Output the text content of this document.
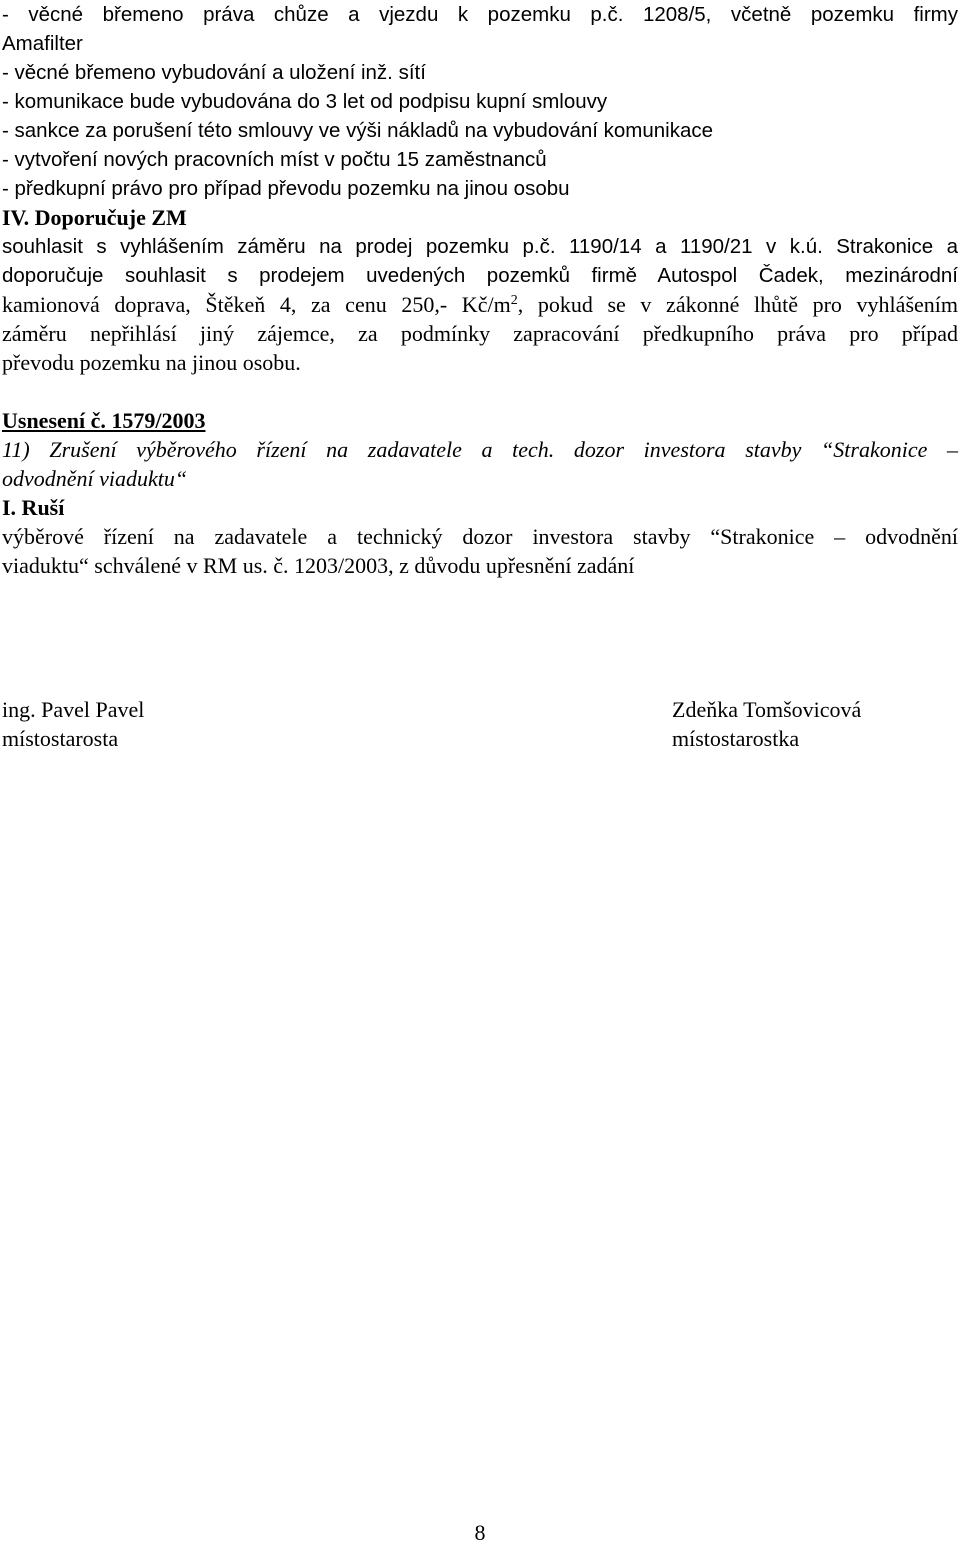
- věcné břemeno práva chůze a vjezdu k pozemku p.č. 1208/5, včetně pozemku firmy
Amafilter
- věcné břemeno vybudování a uložení inž. sítí
- komunikace bude vybudována do 3 let od podpisu kupní smlouvy
- sankce za porušení této smlouvy ve výši nákladů na vybudování komunikace
- vytvoření nových pracovních míst v počtu 15 zaměstnanců
- předkupní právo pro případ převodu pozemku na jinou osobu
IV. Doporučuje ZM
souhlasit s vyhlášením záměru na prodej pozemku p.č. 1190/14 a 1190/21 v k.ú. Strakonice a
doporučuje souhlasit s prodejem uvedených pozemků firmě Autospol Čadek, mezinárodní
kamionová doprava, Štěkeň 4, za cenu 250,- $Kč/m^2$, pokud se v zákonné lhůtě pro vyhlášením
záměru nepřihlásí jiný zájemce, za podmínky zapracování předkupního práva pro případ
převodu pozemku na jinou osobu.
Usnesení č. 1579/2003
11) Zrušení výběrového řízení na zadavatele a tech. dozor investora stavby “Strakonice –
odvodnění viaduktu“
I. Ruší
výběrové řízení na zadavatele a technický dozor investora stavby “Strakonice – odvodnění
viaduktu“ schválené v RM us. č. 1203/2003, z důvodu upřesnění zadání
ing. Pavel Pavel
místostarosta
Zdeňka Tomšovicová
místostarostka
8
